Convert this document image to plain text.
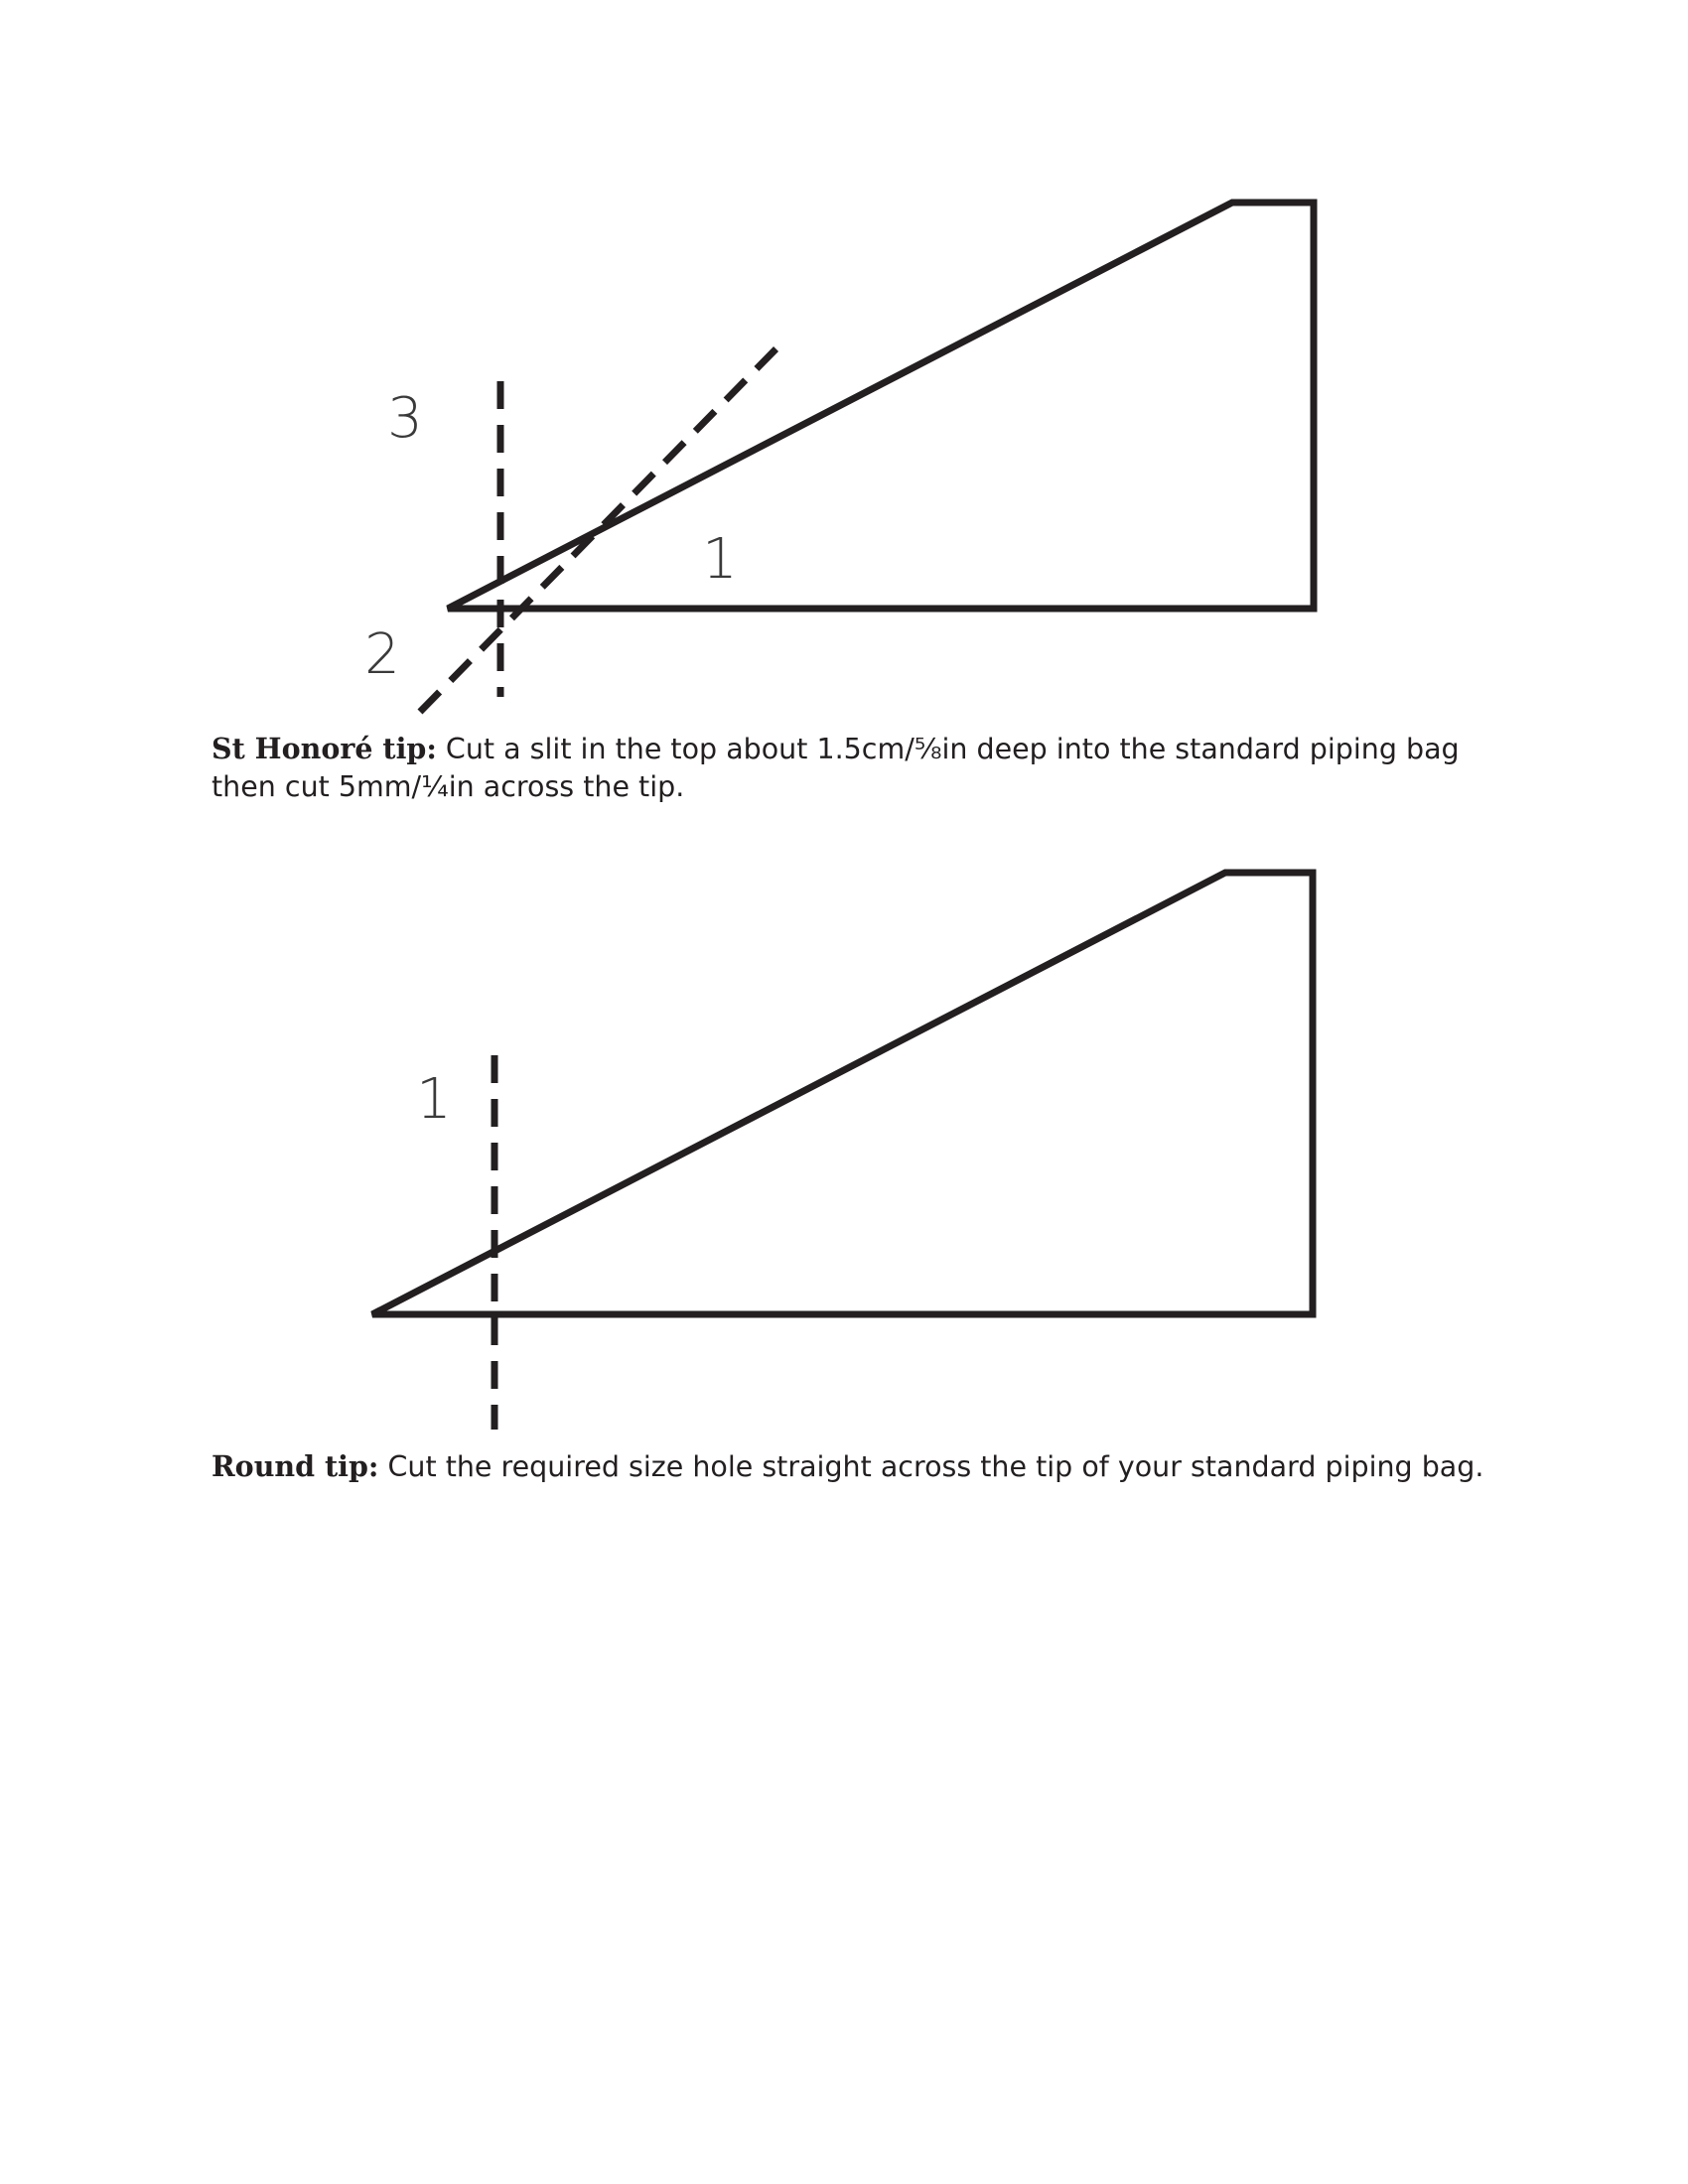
3
2
1

St Honoré tip: Cut a slit in the top about 1.5cm/⅝in deep into the standard piping bag then cut 5mm/¼in across the tip.

1

Round tip: Cut the required size hole straight across the tip of your standard piping bag.
